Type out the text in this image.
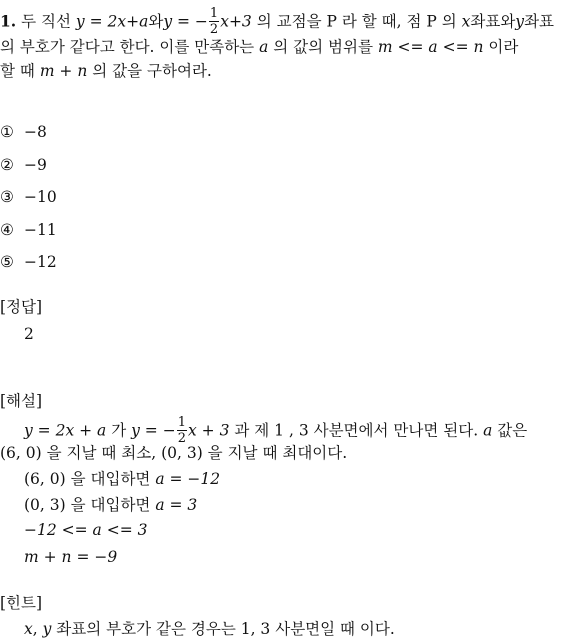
1. 두 직선 y = 2x+a와y = − $\frac{1}{2} x+3$ 의 교점을 P 라 할 때, 점 P 의 x좌표와y좌표
의 부호가 같다고 한다. 이를 만족하는 a 의 값의 범위를 m <= a <= n 이라
할 때 m + n 의 값을 구하여라.
① −8
② −9
③ −10
④ −11
⑤ −12
[정답]
2
[해설]
y = 2x + a 가 y = − $\frac{1}{2}$ x + 3 과 제 1 , 3 사분면에서 만나면 된다. a 값은
(6, 0) 을 지날 때 최소, (0, 3) 을 지날 때 최대이다.
(6, 0) 을 대입하면 a = −12
(0, 3) 을 대입하면 a = 3
−12 <= a <= 3
m + n = −9
[힌트]
x, y 좌표의 부호가 같은 경우는 1, 3 사분면일 때 이다.
